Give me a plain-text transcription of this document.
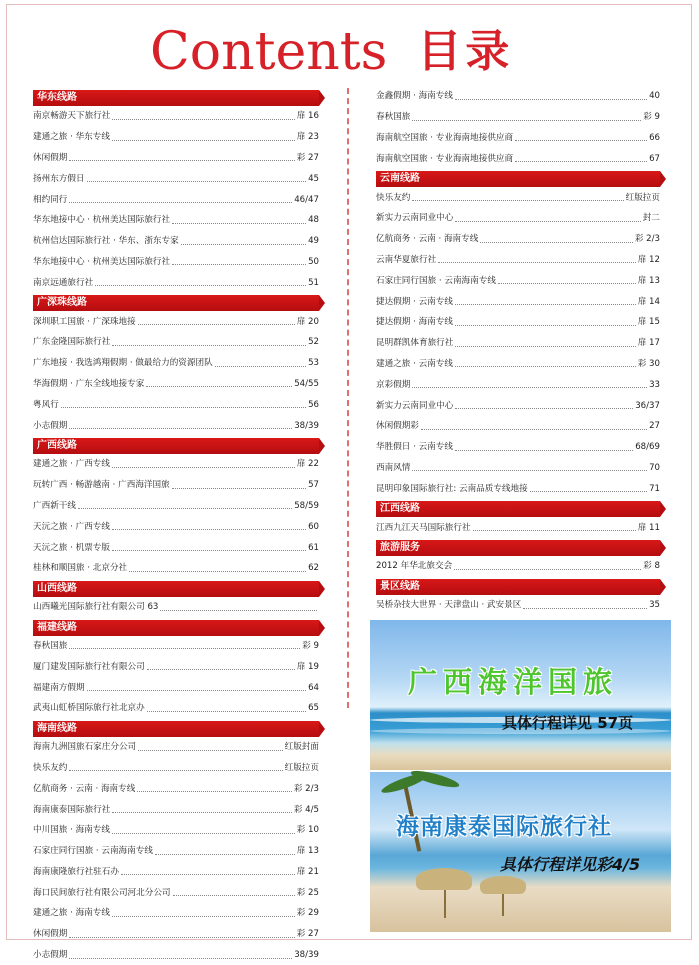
Contents 目录
华东线路
南京畅游天下旅行社	扉 16
建通之旅 · 华东专线	扉 23
休闲假期	彩 27
扬州东方假日	45
相约同行	46/47
华东地接中心 · 杭州美达国际旅行社	48
杭州信达国际旅行社 · 华东、浙东专家	49
华东地接中心 · 杭州美达国际旅行社	50
南京远通旅行社	51
广深珠线路
深圳职工国旅 · 广深珠地接	扉 20
广东金隆国际旅行社	52
广东地接 · 我选鸿翔假期 · 做最给力的资源团队	53
华海假期 · 广东全线地接专家	54/55
粤风行	56
小志假期	38/39
广西线路
建通之旅 · 广西专线	扉 22
玩转广西 · 畅游越南 · 广西海洋国旅	57
广西新干线	58/59
天沅之旅 · 广西专线	60
天沅之旅 · 机票专版	61
桂林和顺国旅 · 北京分社	62
山西线路
山西曦光国际旅行社有限公司 63
福建线路
春秋国旅	彩 9
厦门建发国际旅行社有限公司	扉 19
福建南方假期	64
武夷山虹桥国际旅行社北京办	65
海南线路
海南九洲国旅石家庄分公司	红版封面
快乐友约	红版拉页
亿航商务 · 云南 · 海南专线	彩 2/3
海南康泰国际旅行社	彩 4/5
中川国旅 · 海南专线	彩 10
石家庄同行国旅 · 云南海南专线	扉 13
海南康隆旅行社驻石办	扉 21
海口民间旅行社有限公司河北分公司	彩 25
建通之旅 · 海南专线	彩 29
休闲假期	彩 27
小志假期	38/39
金鑫假期 · 海南专线	40
春秋国旅	彩 9
海南航空国旅 · 专业海南地接供应商	66
海南航空国旅 · 专业海南地接供应商	67
云南线路
快乐友约	红版拉页
新实力云南同业中心	封二
亿航商务 · 云南 · 海南专线	彩 2/3
云南华夏旅行社	扉 12
石家庄同行国旅 · 云南海南专线	扉 13
捷达假期 · 云南专线	扉 14
捷达假期 · 海南专线	扉 15
昆明群凯体育旅行社	扉 17
建通之旅 · 云南专线	彩 30
京彩假期	33
新实力云南同业中心	36/37
休闲假期彩	27
华胜假日 · 云南专线	68/69
西南风情	70
昆明印象国际旅行社: 云南品质专线地接	71
江西线路
江西九江天马国际旅行社	扉 11
旅游服务
2012 年华北旅交会	彩 8
景区线路
吴桥杂技大世界 · 天津盘山 · 武安景区	35
广西海洋国旅
具体行程详见 57页
海南康泰国际旅行社
具体行程详见彩4/5
